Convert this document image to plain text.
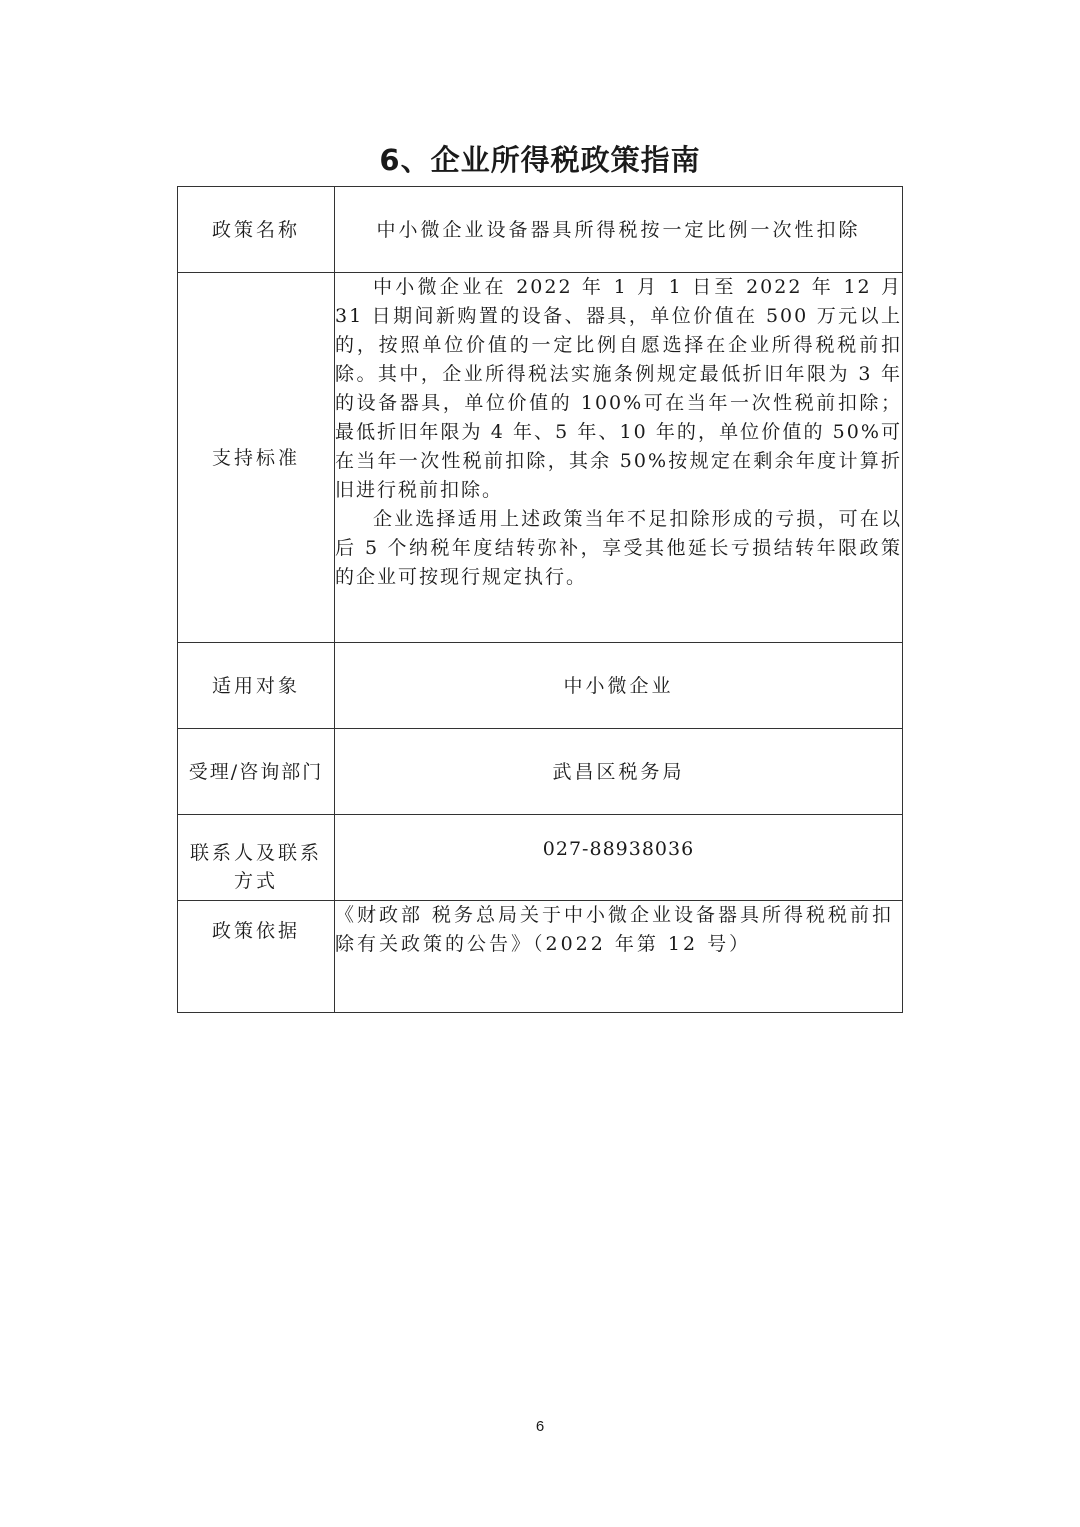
6、企业所得税政策指南
政策名称	中小微企业设备器具所得税按一定比例一次性扣除
支持标准	中小微企业在 2022 年 1 月 1 日至 2022 年 12 月 31 日期间新购置的设备、器具，单位价值在 500 万元以上的，按照单位价值的一定比例自愿选择在企业所得税税前扣除。其中，企业所得税法实施条例规定最低折旧年限为 3 年的设备器具，单位价值的 100%可在当年一次性税前扣除；最低折旧年限为 4 年、5 年、10 年的，单位价值的 50%可在当年一次性税前扣除，其余 50%按规定在剩余年度计算折旧进行税前扣除。

企业选择适用上述政策当年不足扣除形成的亏损，可在以后 5 个纳税年度结转弥补，享受其他延长亏损结转年限政策的企业可按现行规定执行。

适用对象	中小微企业
受理/咨询部门	武昌区税务局
联系人及联系方式	027-88938036
政策依据	《财政部 税务总局关于中小微企业设备器具所得税税前扣除有关政策的公告》（2022 年第 12 号）
6
